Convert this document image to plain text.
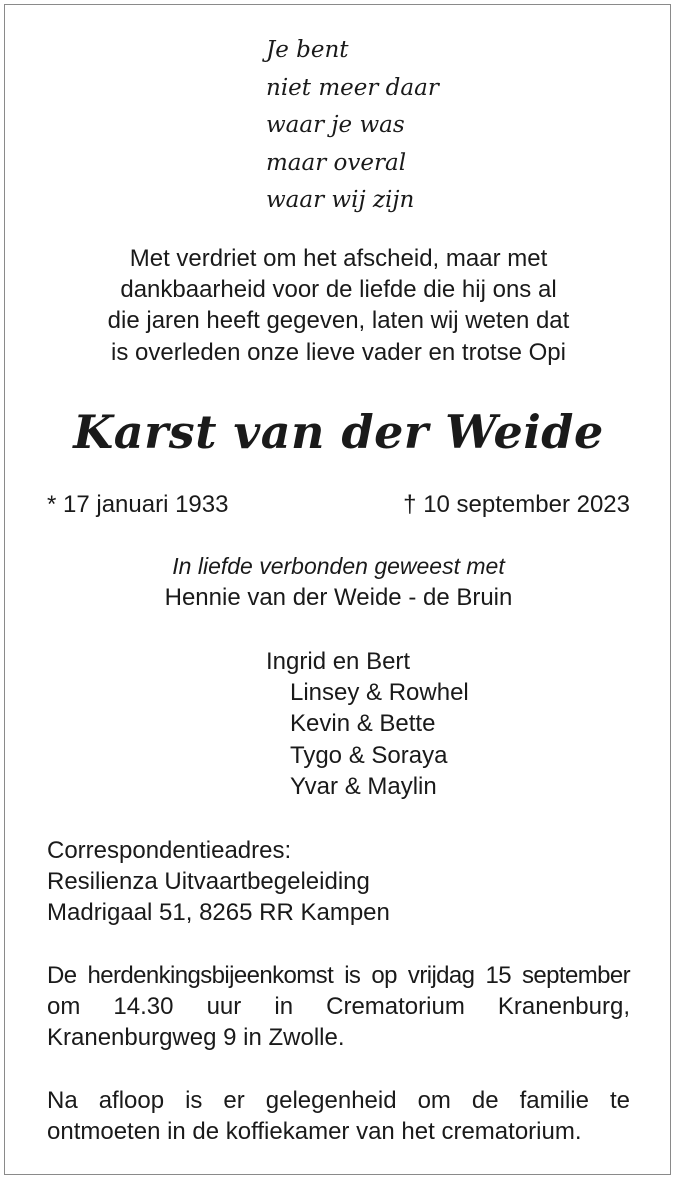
Je bent
niet meer daar
waar je was
maar overal
waar wij zijn
Met verdriet om het afscheid, maar met
dankbaarheid voor de liefde die hij ons al
die jaren heeft gegeven, laten wij weten dat
is overleden onze lieve vader en trotse Opi
Karst van der Weide
* 17 januari 1933	† 10 september 2023
In liefde verbonden geweest met
Hennie van der Weide - de Bruin
Ingrid en Bert
Linsey & Rowhel
Kevin & Bette
Tygo & Soraya
Yvar & Maylin
Correspondentieadres:
Resilienza Uitvaartbegeleiding
Madrigaal 51, 8265 RR Kampen
De herdenkingsbijeenkomst is op vrijdag 15 september
om 14.30 uur in Crematorium Kranenburg,
Kranenburgweg 9 in Zwolle.
Na afloop is er gelegenheid om de familie te
ontmoeten in de koffiekamer van het crematorium.
